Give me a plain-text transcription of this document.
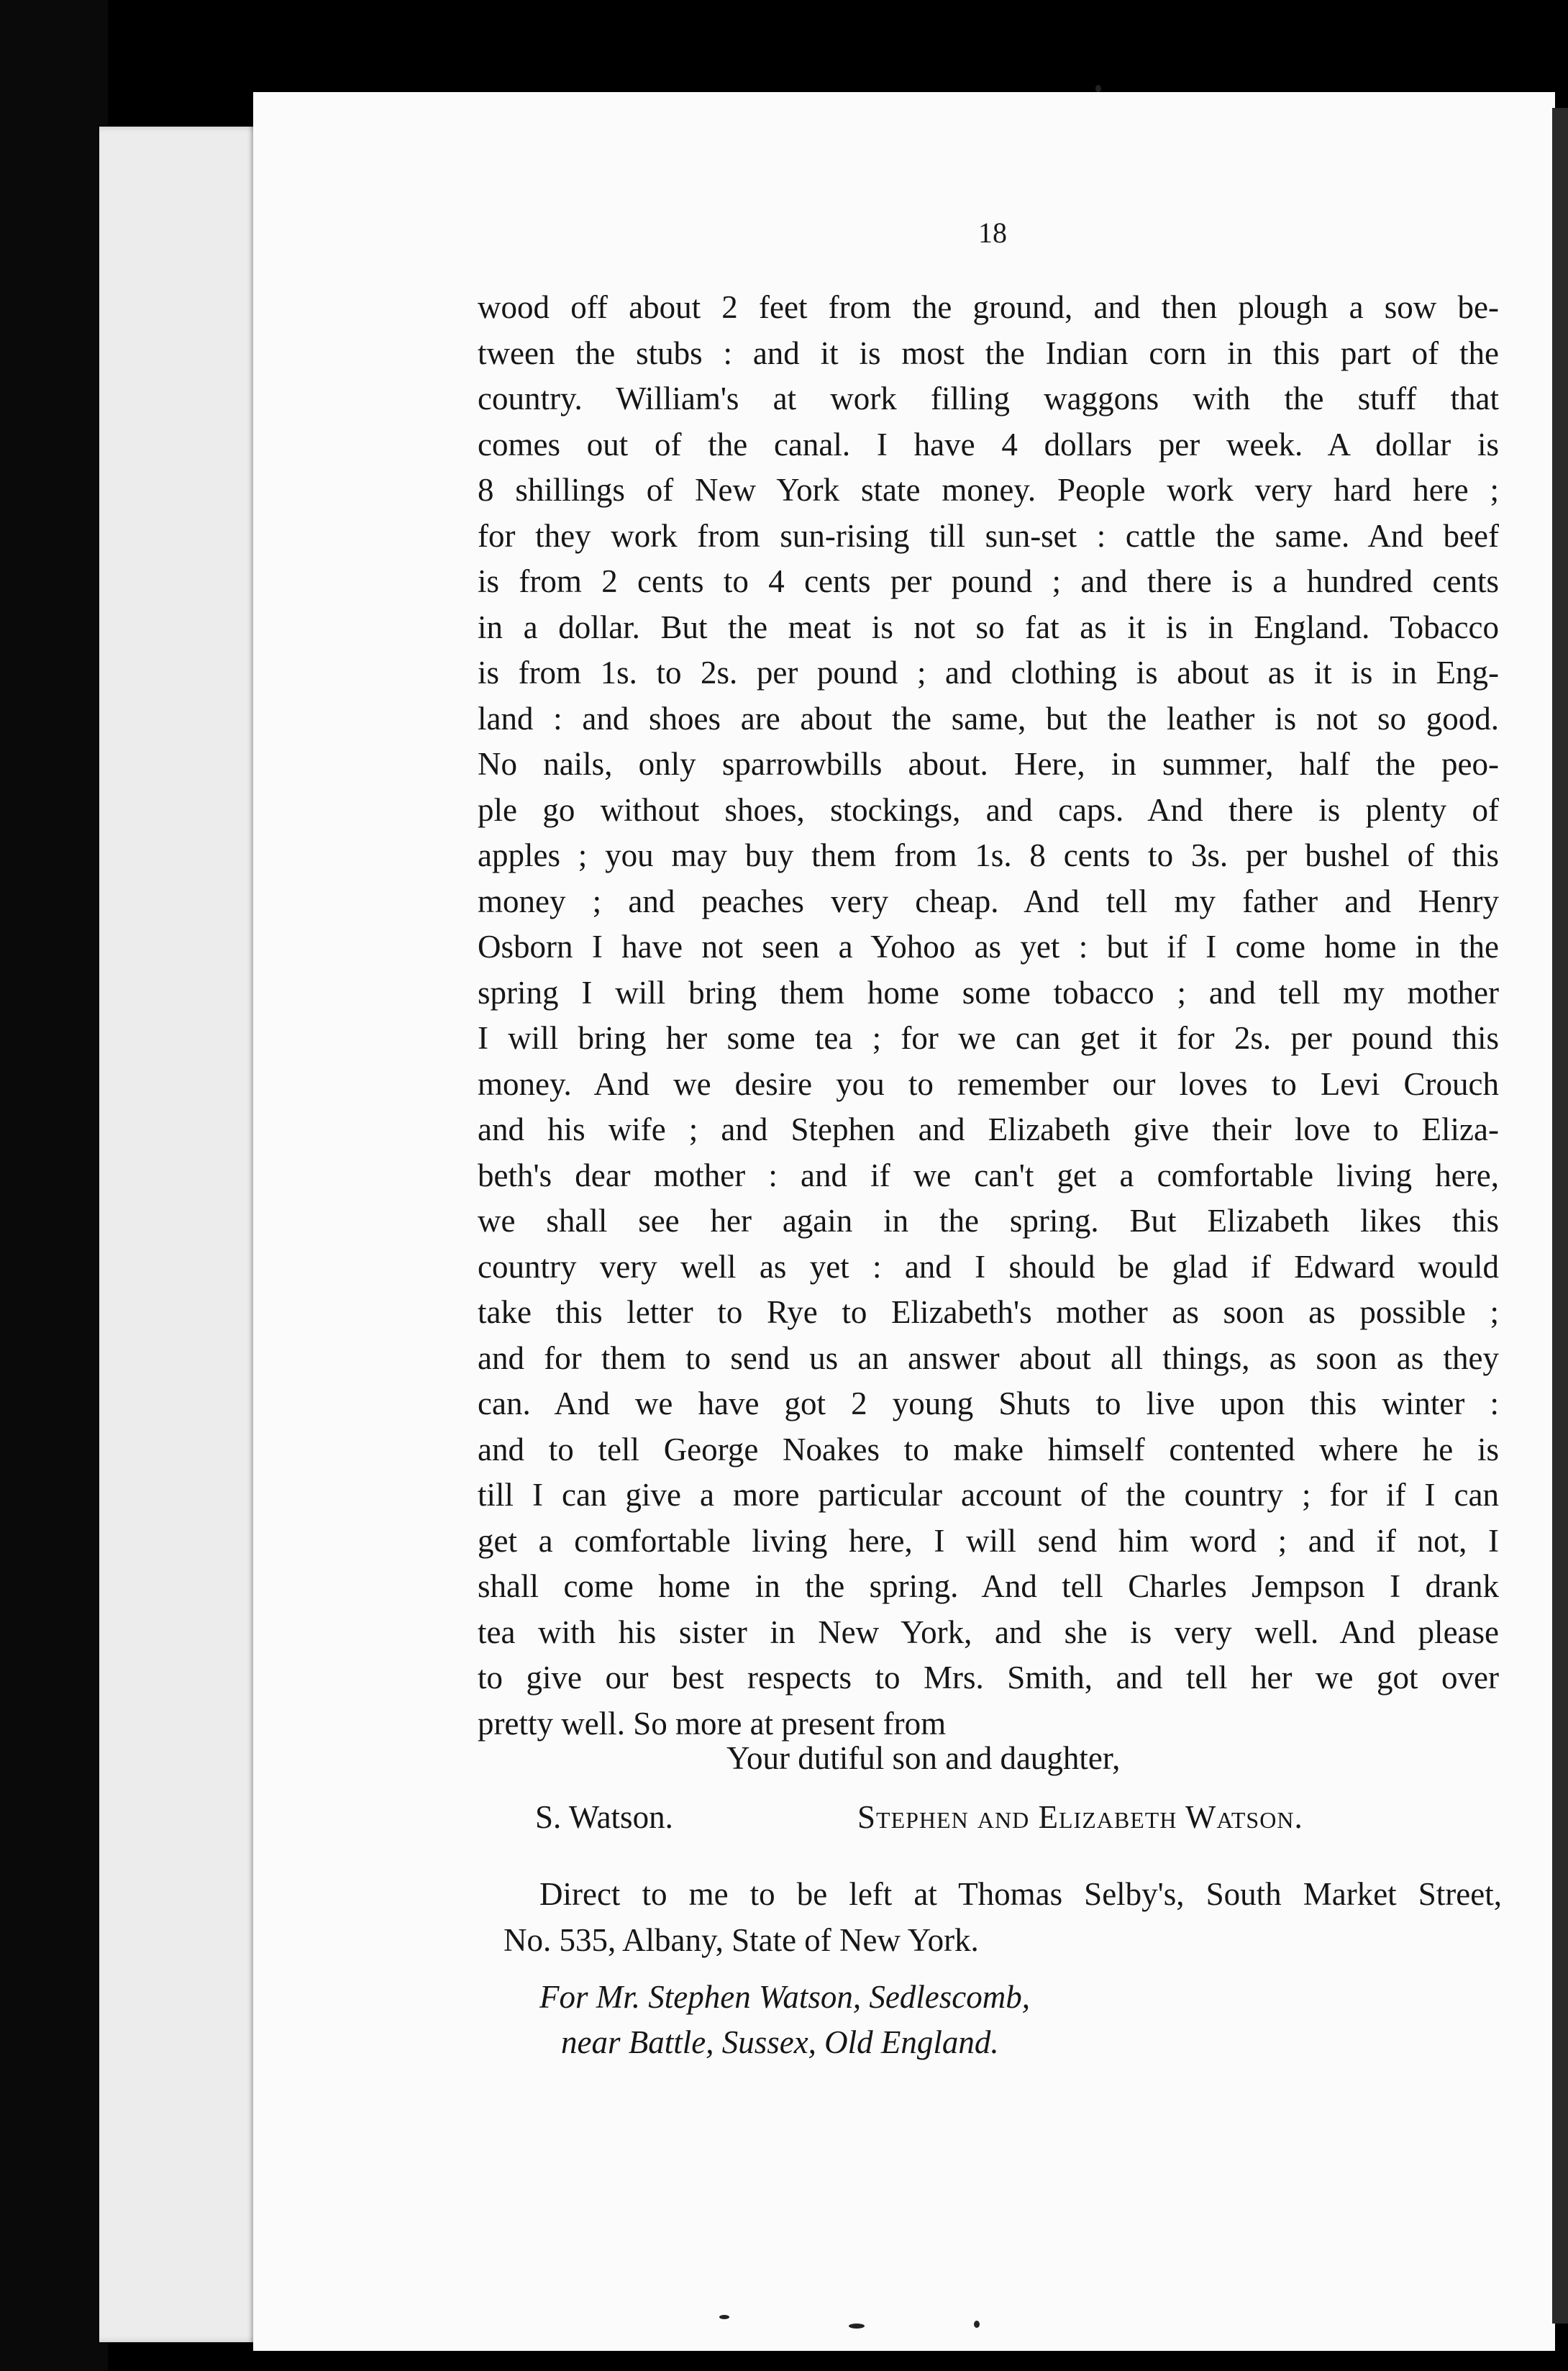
18
wood off about 2 feet from the ground, and then plough a sow be-
tween the stubs : and it is most the Indian corn in this part of the
country. William's at work filling waggons with the stuff that
comes out of the canal. I have 4 dollars per week. A dollar is
8 shillings of New York state money. People work very hard here ;
for they work from sun-rising till sun-set : cattle the same. And beef
is from 2 cents to 4 cents per pound ; and there is a hundred cents
in a dollar. But the meat is not so fat as it is in England. Tobacco
is from 1s. to 2s. per pound ; and clothing is about as it is in Eng-
land : and shoes are about the same, but the leather is not so good.
No nails, only sparrowbills about. Here, in summer, half the peo-
ple go without shoes, stockings, and caps. And there is plenty of
apples ; you may buy them from 1s. 8 cents to 3s. per bushel of this
money ; and peaches very cheap. And tell my father and Henry
Osborn I have not seen a Yohoo as yet : but if I come home in the
spring I will bring them home some tobacco ; and tell my mother
I will bring her some tea ; for we can get it for 2s. per pound this
money. And we desire you to remember our loves to Levi Crouch
and his wife ; and Stephen and Elizabeth give their love to Eliza-
beth's dear mother : and if we can't get a comfortable living here,
we shall see her again in the spring. But Elizabeth likes this
country very well as yet : and I should be glad if Edward would
take this letter to Rye to Elizabeth's mother as soon as possible ;
and for them to send us an answer about all things, as soon as they
can. And we have got 2 young Shuts to live upon this winter :
and to tell George Noakes to make himself contented where he is
till I can give a more particular account of the country ; for if I can
get a comfortable living here, I will send him word ; and if not, I
shall come home in the spring. And tell Charles Jempson I drank
tea with his sister in New York, and she is very well. And please
to give our best respects to Mrs. Smith, and tell her we got over
pretty well. So more at present from
Your dutiful son and daughter,
S. Watson.	Stephen and Elizabeth Watson.
Direct to me to be left at Thomas Selby's, South Market Street,
No. 535, Albany, State of New York.
For Mr. Stephen Watson, Sedlescomb,
near Battle, Sussex, Old England.
